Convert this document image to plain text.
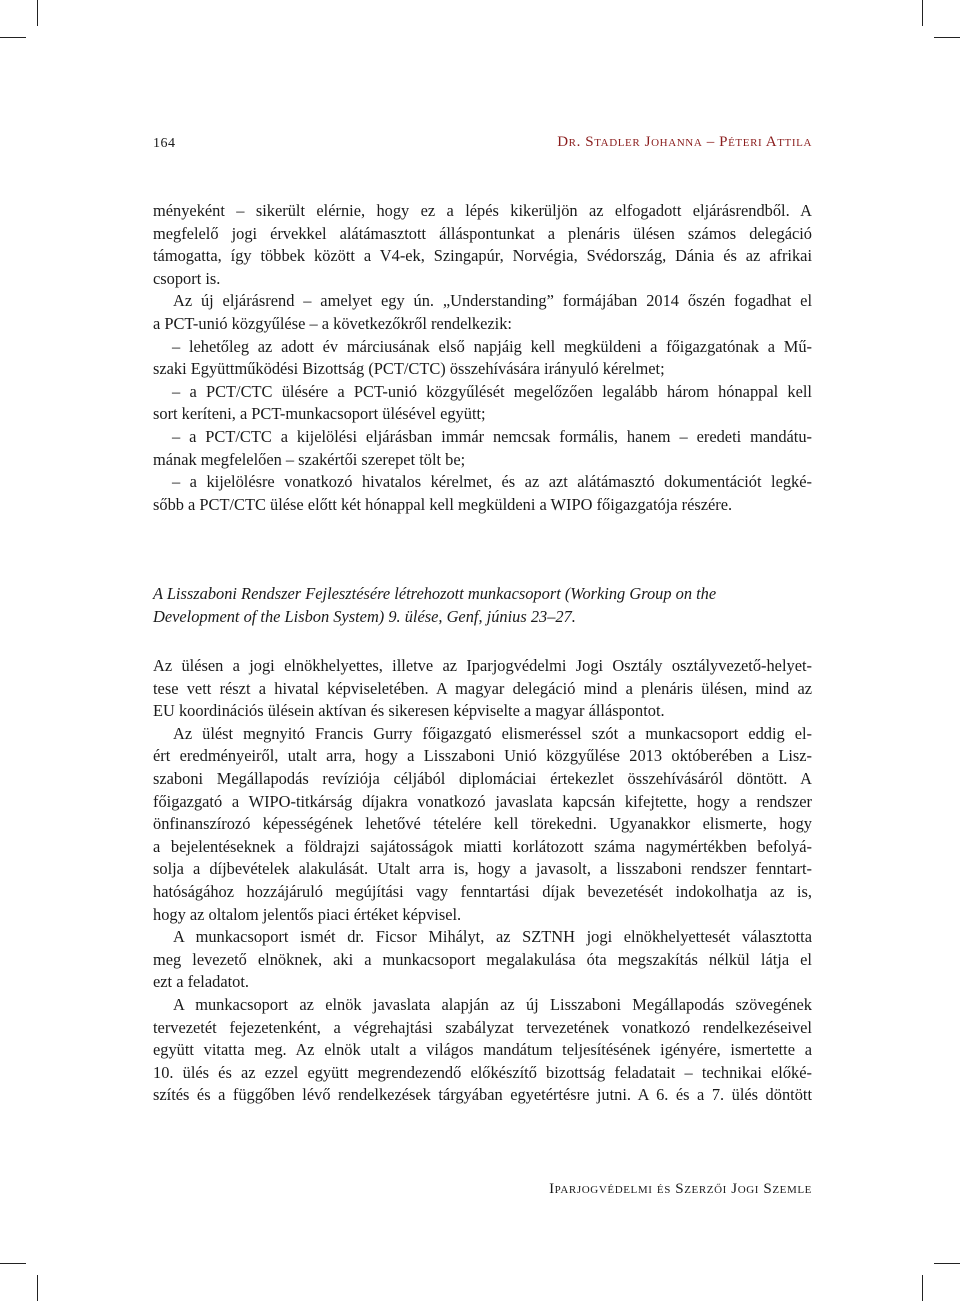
164	Dr. Stadler Johanna – Péteri Attila
ményeként – sikerült elérnie, hogy ez a lépés kikerüljön az elfogadott eljárásrendből. A
megfelelő jogi érvekkel alátámasztott álláspontunkat a plenáris ülésen számos delegáció
támogatta, így többek között a V4-ek, Szingapúr, Norvégia, Svédország, Dánia és az afrikai
csoport is.
Az új eljárásrend – amelyet egy ún. „Understanding” formájában 2014 őszén fogadhat el
a PCT-unió közgyűlése – a következőkről rendelkezik:
– lehetőleg az adott év márciusának első napjáig kell megküldeni a főigazgatónak a Mű-
szaki Együttműködési Bizottság (PCT/CTC) összehívására irányuló kérelmet;
– a PCT/CTC ülésére a PCT-unió közgyűlését megelőzően legalább három hónappal kell
sort keríteni, a PCT-munkacsoport ülésével együtt;
– a PCT/CTC a kijelölési eljárásban immár nemcsak formális, hanem – eredeti mandátu-
mának megfelelően – szakértői szerepet tölt be;
– a kijelölésre vonatkozó hivatalos kérelmet, és az azt alátámasztó dokumentációt legké-
sőbb a PCT/CTC ülése előtt két hónappal kell megküldeni a WIPO főigazgatója részére.
A Lisszaboni Rendszer Fejlesztésére létrehozott munkacsoport (Working Group on the
Development of the Lisbon System) 9. ülése, Genf, június 23–27.
Az ülésen a jogi elnökhelyettes, illetve az Iparjogvédelmi Jogi Osztály osztályvezető-helyet-
tese vett részt a hivatal képviseletében. A magyar delegáció mind a plenáris ülésen, mind az
EU koordinációs ülésein aktívan és sikeresen képviselte a magyar álláspontot.
Az ülést megnyitó Francis Gurry főigazgató elismeréssel szót a munkacsoport eddig el-
ért eredményeiről, utalt arra, hogy a Lisszaboni Unió közgyűlése 2013 októberében a Lisz-
szaboni Megállapodás revíziója céljából diplomáciai értekezlet összehívásáról döntött. A
főigazgató a WIPO-titkárság díjakra vonatkozó javaslata kapcsán kifejtette, hogy a rendszer
önfinanszírozó képességének lehetővé tételére kell törekedni. Ugyanakkor elismerte, hogy
a bejelentéseknek a földrajzi sajátosságok miatti korlátozott száma nagymértékben befolyá-
solja a díjbevételek alakulását. Utalt arra is, hogy a javasolt, a lisszaboni rendszer fenntart-
hatóságához hozzájáruló megújítási vagy fenntartási díjak bevezetését indokolhatja az is,
hogy az oltalom jelentős piaci értéket képvisel.
A munkacsoport ismét dr. Ficsor Mihályt, az SZTNH jogi elnökhelyettesét választotta
meg levezető elnöknek, aki a munkacsoport megalakulása óta megszakítás nélkül látja el
ezt a feladatot.
A munkacsoport az elnök javaslata alapján az új Lisszaboni Megállapodás szövegének
tervezetét fejezetenként, a végrehajtási szabályzat tervezetének vonatkozó rendelkezéseivel
együtt vitatta meg. Az elnök utalt a világos mandátum teljesítésének igényére, ismertette a
10. ülés és az ezzel együtt megrendezendő előkészítő bizottság feladatait – technikai előké-
szítés és a függőben lévő rendelkezések tárgyában egyetértésre jutni. A 6. és a 7. ülés döntött
Iparjogvédelmi és Szerzői Jogi Szemle
